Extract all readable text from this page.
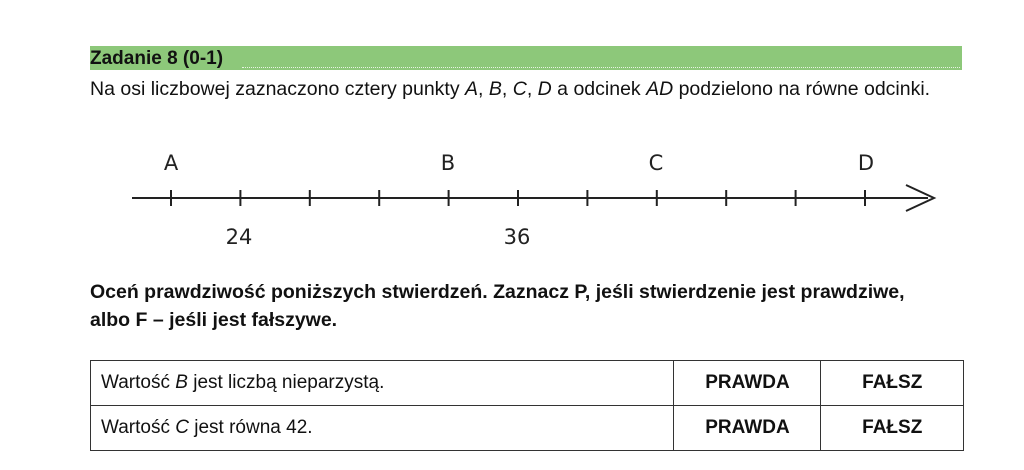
Zadanie 8 (0-1)
Na osi liczbowej zaznaczono cztery punkty A, B, C, D a odcinek AD podzielono na równe odcinki.
A	B	C	D
24	36
Oceń prawdziwość poniższych stwierdzeń. Zaznacz P, jeśli stwierdzenie jest prawdziwe, albo F – jeśli jest fałszywe.
Wartość B jest liczbą nieparzystą.	PRAWDA	FAŁSZ
Wartość C jest równa 42.	PRAWDA	FAŁSZ
